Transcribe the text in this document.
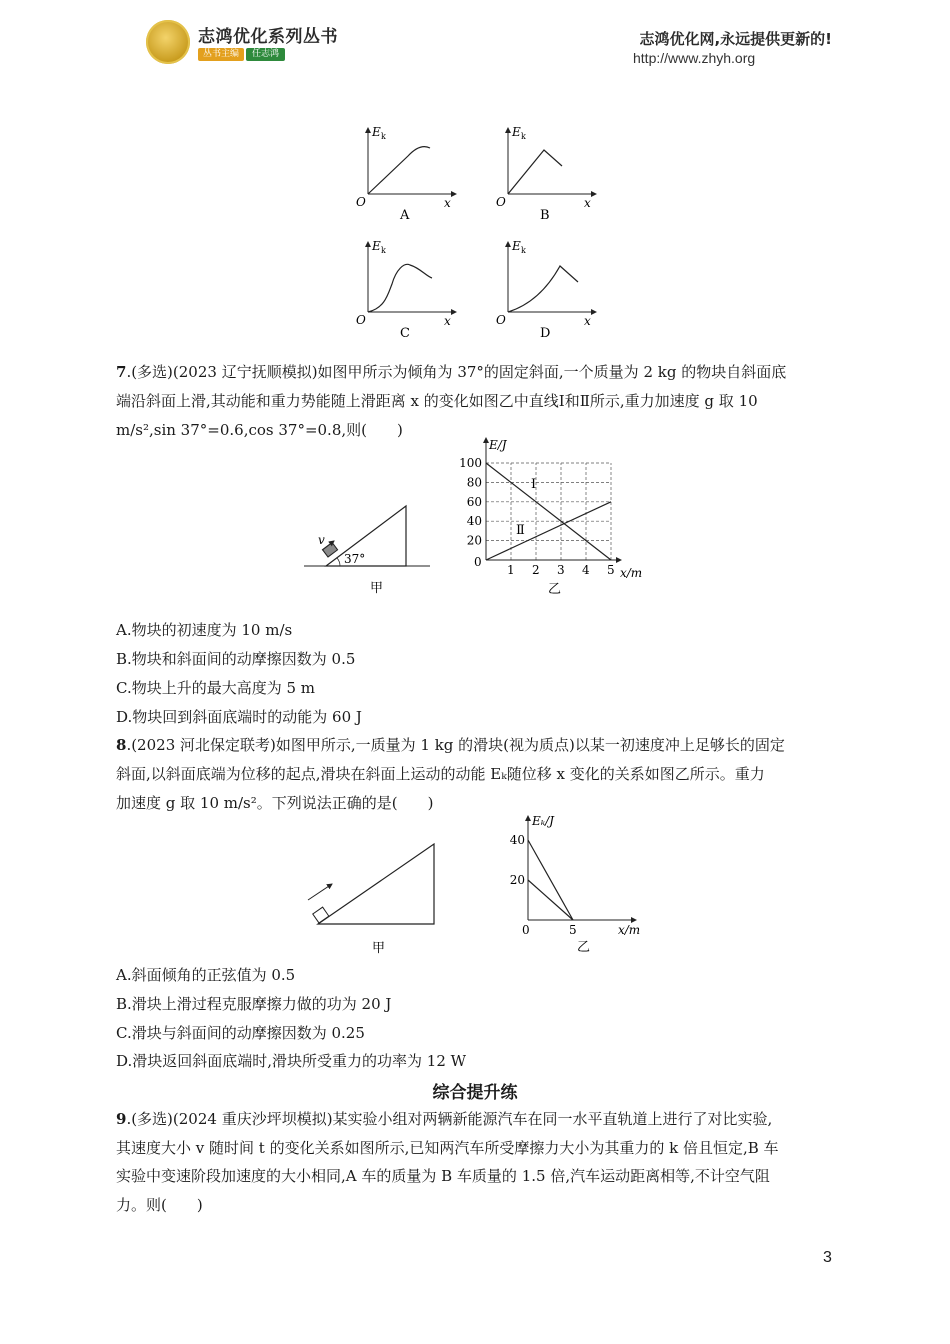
志鸿优化系列丛书
丛书主编	任志鸿
志鸿优化网,永远提供更新的!
http://www.zhyh.org
E k
O	x
A
E k
O	x
B
E k
O	x
C
E k
O	x
D
7.(多选)(2023 辽宁抚顺模拟)如图甲所示为倾角为 37°的固定斜面,一个质量为 2 kg 的物块自斜面底
端沿斜面上滑,其动能和重力势能随上滑距离 x 的变化如图乙中直线Ⅰ和Ⅱ所示,重力加速度 g 取 10
m/s²,sin 37°=0.6,cos 37°=0.8,则(　　)
v
37°
甲
Ⅰ
Ⅱ
1 2 3 4 5
20
40
60
80
100
E/J
x/m
0
乙
A.物块的初速度为 10 m/s
B.物块和斜面间的动摩擦因数为 0.5
C.物块上升的最大高度为 5 m
D.物块回到斜面底端时的动能为 60 J
8.(2023 河北保定联考)如图甲所示,一质量为 1 kg 的滑块(视为质点)以某一初速度冲上足够长的固定
斜面,以斜面底端为位移的起点,滑块在斜面上运动的动能 Eₖ随位移 x 变化的关系如图乙所示。重力
加速度 g 取 10 m/s²。下列说法正确的是(　　)
甲
5
20
40
Eₖ/J
x/m
0
乙
A.斜面倾角的正弦值为 0.5
B.滑块上滑过程克服摩擦力做的功为 20 J
C.滑块与斜面间的动摩擦因数为 0.25
D.滑块返回斜面底端时,滑块所受重力的功率为 12 W
综合提升练
9.(多选)(2024 重庆沙坪坝模拟)某实验小组对两辆新能源汽车在同一水平直轨道上进行了对比实验,
其速度大小 v 随时间 t 的变化关系如图所示,已知两汽车所受摩擦力大小为其重力的 k 倍且恒定,B 车
实验中变速阶段加速度的大小相同,A 车的质量为 B 车质量的 1.5 倍,汽车运动距离相等,不计空气阻
力。则(　　)
3
